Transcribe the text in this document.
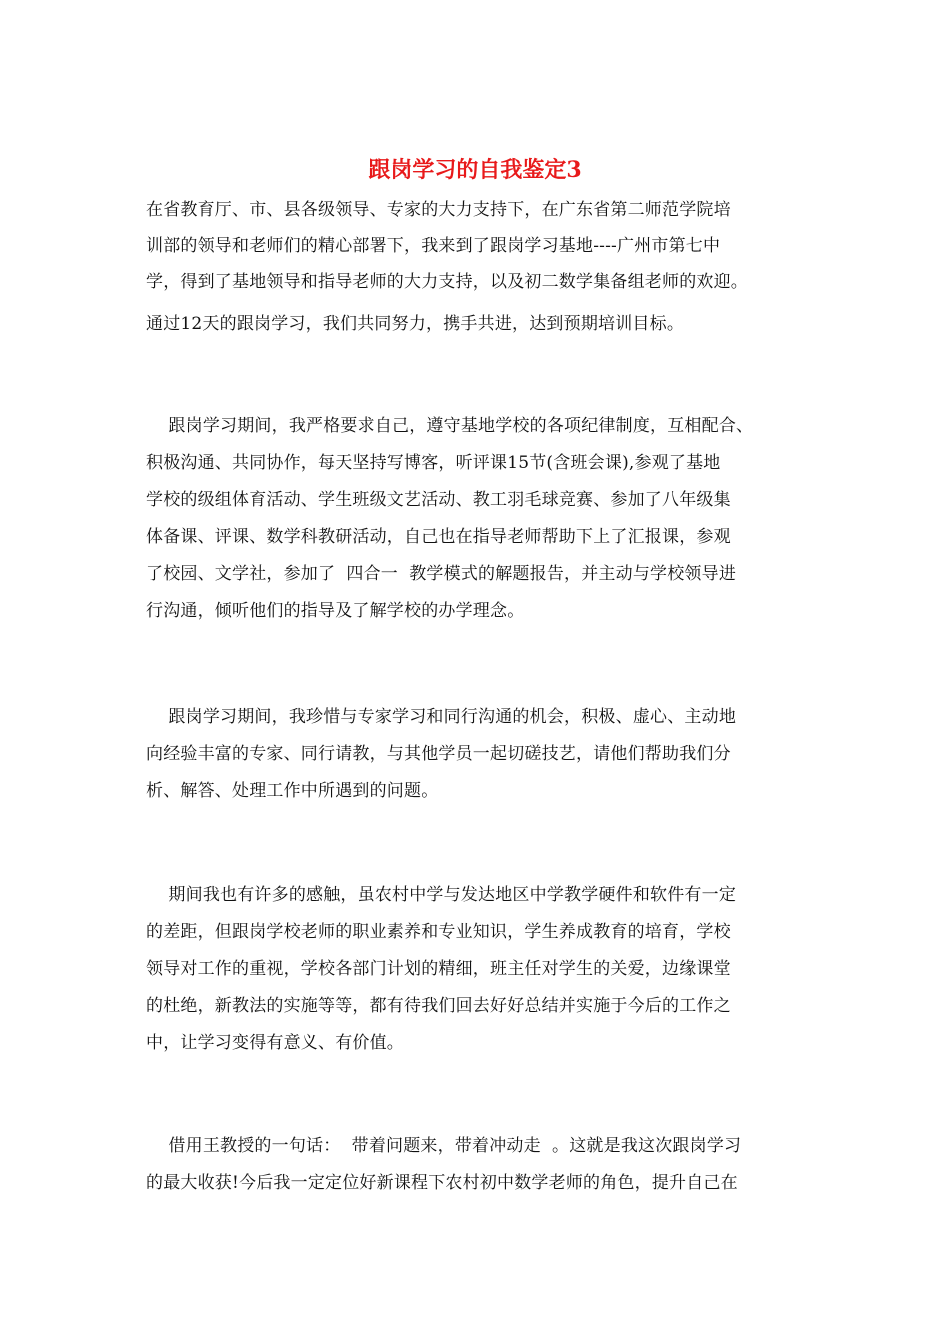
跟岗学习的自我鉴定3
在省教育厅、市、县各级领导、专家的大力支持下，在广东省第二师范学院培
训部的领导和老师们的精心部署下，我来到了跟岗学习基地----广州市第七中
学，得到了基地领导和指导老师的大力支持，以及初二数学集备组老师的欢迎。
通过12天的跟岗学习，我们共同努力，携手共进，达到预期培训目标。
跟岗学习期间，我严格要求自己，遵守基地学校的各项纪律制度，互相配合、
积极沟通、共同协作，每天坚持写博客，听评课15节(含班会课),参观了基地
学校的级组体育活动、学生班级文艺活动、教工羽毛球竞赛、参加了八年级集
体备课、评课、数学科教研活动，自己也在指导老师帮助下上了汇报课，参观
了校园、文学社，参加了  四合一  教学模式的解题报告，并主动与学校领导进
行沟通，倾听他们的指导及了解学校的办学理念。
跟岗学习期间，我珍惜与专家学习和同行沟通的机会，积极、虚心、主动地
向经验丰富的专家、同行请教，与其他学员一起切磋技艺，请他们帮助我们分
析、解答、处理工作中所遇到的问题。
期间我也有许多的感触，虽农村中学与发达地区中学教学硬件和软件有一定
的差距，但跟岗学校老师的职业素养和专业知识，学生养成教育的培育，学校
领导对工作的重视，学校各部门计划的精细，班主任对学生的关爱，边缘课堂
的杜绝，新教法的实施等等，都有待我们回去好好总结并实施于今后的工作之
中，让学习变得有意义、有价值。
借用王教授的一句话：  带着问题来，带着冲动走  。这就是我这次跟岗学习
的最大收获!今后我一定定位好新课程下农村初中数学老师的角色，提升自己在
